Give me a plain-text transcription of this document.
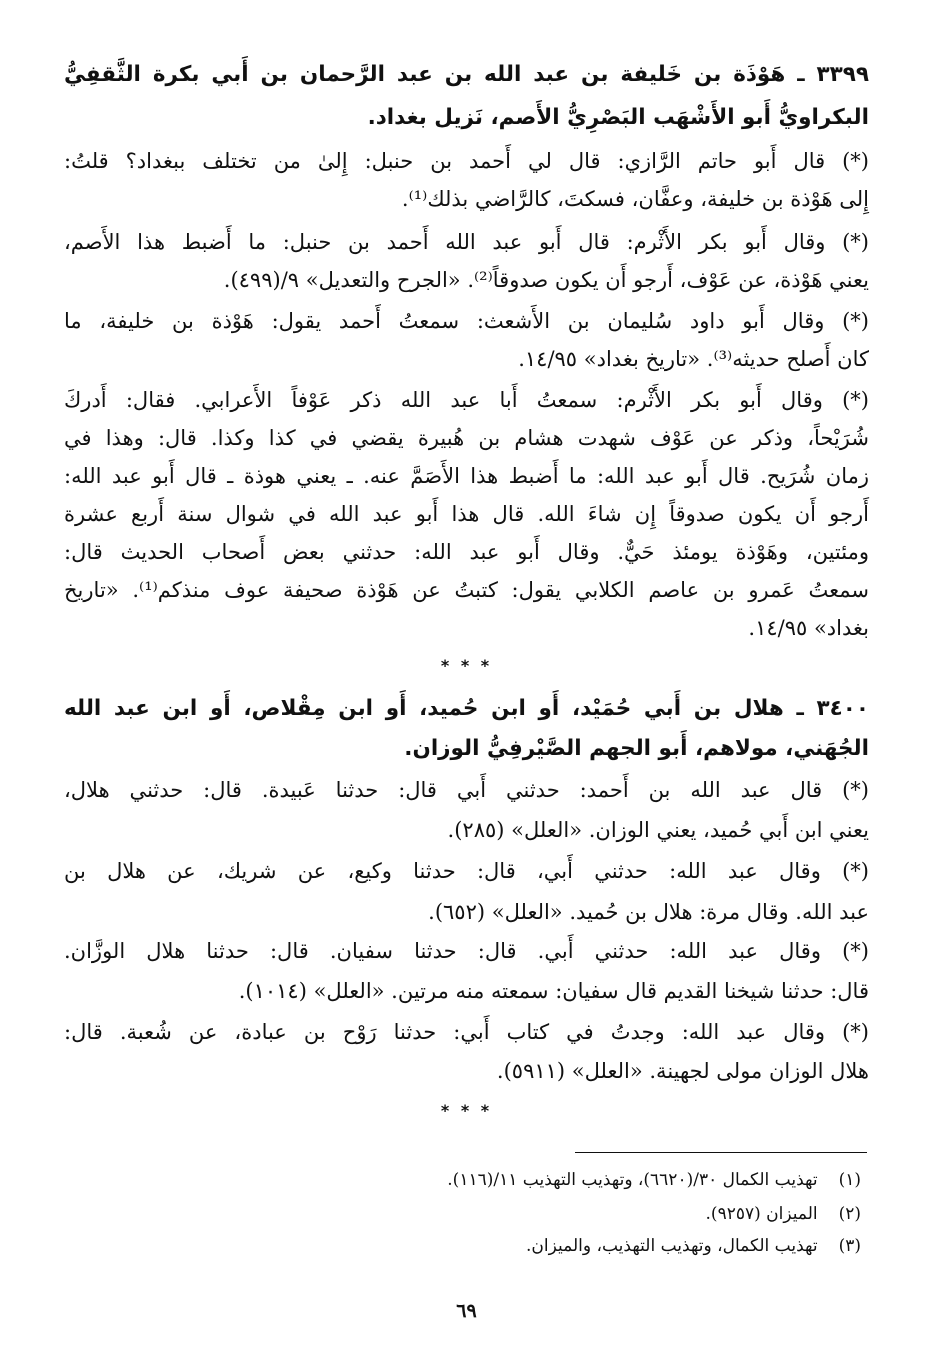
٣٣٩٩ ـ هَوْذَة بن خَليفة بن عبد الله بن عبد الرَّحمان بن أَبي بكرة الثَّقفِيُّ
البكراويُّ أَبو الأَشْهَب البَصْرِيُّ الأَصم، نَزيل بغداد.
(*) قال أَبو حاتم الرَّازي: قال لي أَحمد بن حنبل: إِلىٰ من تختلف ببغداد؟ قلتُ:
إِلى هَوْذة بن خليفة، وعفَّان، فسكتَ، كالرَّاضي بذلك⁽¹⁾.
(*) وقال أَبو بكر الأَثْرم: قال أَبو عبد الله أَحمد بن حنبل: ما أَضبط هذا الأَصم،
يعني هَوْذة، عن عَوْف، أَرجو أَن يكون صدوقاً⁽²⁾. «الجرح والتعديل» ٩/(٤٩٩).
(*) وقال أَبو داود سُليمان بن الأَشعث: سمعتُ أَحمد يقول: هَوْذة بن خليفة، ما
كان أَصلح حديثه⁽³⁾. «تاريخ بغداد» ١٤/٩٥.
(*) وقال أَبو بكر الأَثْرم: سمعتُ أَبا عبد الله ذكر عَوْفاً الأَعرابي. فقال: أَدركَ
شُرَيْحاً، وذكر عن عَوْف شهدت هشام بن هُبيرة يقضي في كذا وكذا. قال: وهذا في
زمان شُرَيح. قال أَبو عبد الله: ما أَضبط هذا الأَصَمَّ عنه. ـ يعني هوذة ـ قال أَبو عبد الله:
أَرجو أَن يكون صدوقاً إِن شاءَ الله. قال هذا أَبو عبد الله في شوال سنة أَربع عشرة
ومئتين، وهَوْذة يومئذ حَيٌّ. وقال أَبو عبد الله: حدثني بعض أَصحاب الحديث قال:
سمعتُ عَمرو بن عاصم الكلابي يقول: كتبتُ عن هَوْذة صحيفة عوف منذكم⁽¹⁾. «تاريخ
بغداد» ١٤/٩٥.
* * *
٣٤٠٠ ـ هلال بن أَبي حُمَيْد، أَو ابن حُميد، أَو ابن مِقْلاص، أَو ابن عبد الله
الجُهَني، مولاهم، أَبو الجهم الصَّيْرفِيُّ الوزان.
(*) قال عبد الله بن أَحمد: حدثني أَبي قال: حدثنا عَبيدة. قال: حدثني هلال،
يعني ابن أَبي حُميد، يعني الوزان. «العلل» (٢٨٥).
(*) وقال عبد الله: حدثني أَبي، قال: حدثنا وكيع، عن شريك، عن هلال بن
عبد الله. وقال مرة: هلال بن حُميد. «العلل» (٦٥٢).
(*) وقال عبد الله: حدثني أَبي. قال: حدثنا سفيان. قال: حدثنا هلال الوزَّان.
قال: حدثنا شيخنا القديم قال سفيان: سمعته منه مرتين. «العلل» (١٠١٤).
(*) وقال عبد الله: وجدتُ في كتاب أَبي: حدثنا رَوْح بن عبادة، عن شُعبة. قال:
هلال الوزان مولى لجهينة. «العلل» (٥٩١١).
* * *
(١) تهذيب الكمال ٣٠/(٦٦٢٠)، وتهذيب التهذيب ١١/(١١٦).
(٢) الميزان (٩٢٥٧).
(٣) تهذيب الكمال، وتهذيب التهذيب، والميزان.
٦٩
